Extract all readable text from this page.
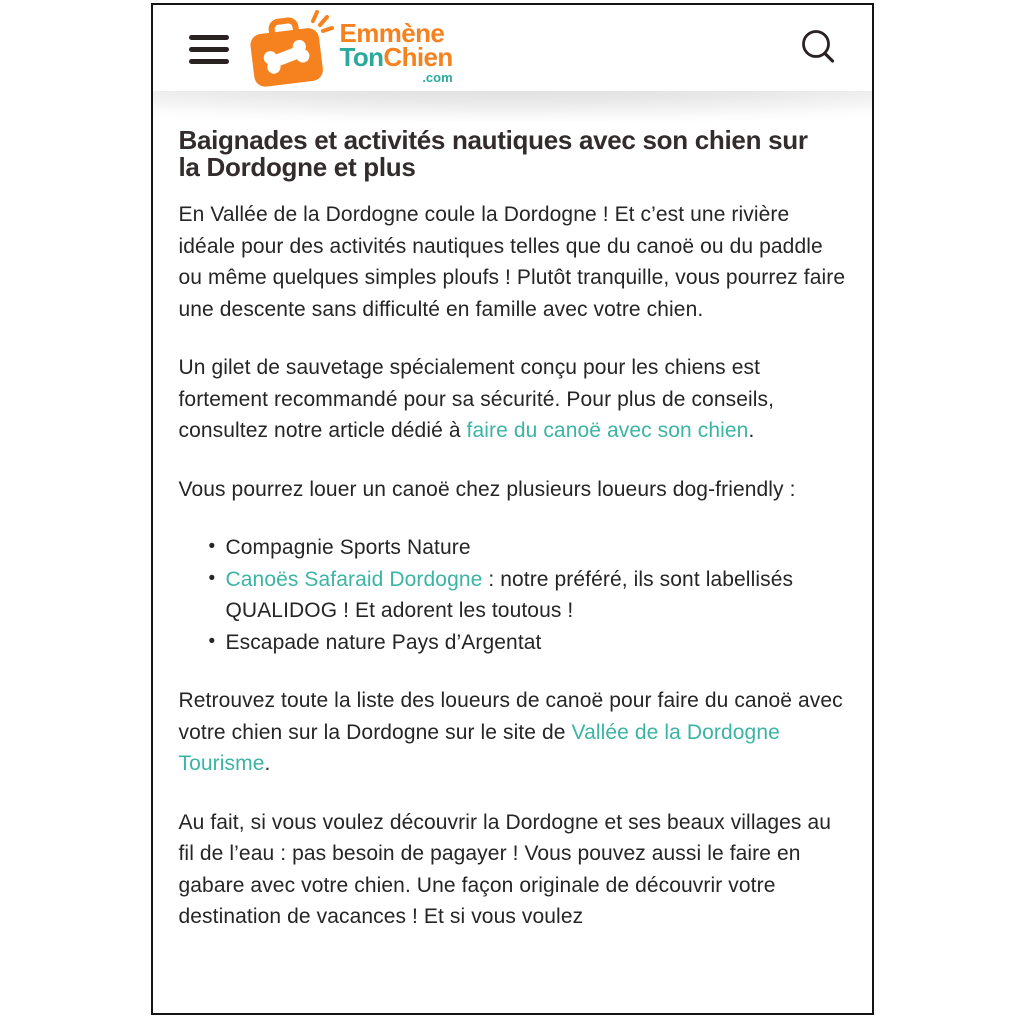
Emmène
TonChien
.com
Baignades et activités nautiques avec son chien sur la Dordogne et plus

En Vallée de la Dordogne coule la Dordogne ! Et c’est une rivière idéale pour des activités nautiques telles que du canoë ou du paddle ou même quelques simples ploufs ! Plutôt tranquille, vous pourrez faire une descente sans difficulté en famille avec votre chien.

Un gilet de sauvetage spécialement conçu pour les chiens est fortement recommandé pour sa sécurité. Pour plus de conseils, consultez notre article dédié à faire du canoë avec son chien.

Vous pourrez louer un canoë chez plusieurs loueurs dog-friendly :

• Compagnie Sports Nature
• Canoës Safaraid Dordogne : notre préféré, ils sont labellisés QUALIDOG ! Et adorent les toutous !
• Escapade nature Pays d’Argentat

Retrouvez toute la liste des loueurs de canoë pour faire du canoë avec votre chien sur la Dordogne sur le site de Vallée de la Dordogne Tourisme.

Au fait, si vous voulez découvrir la Dordogne et ses beaux villages au fil de l’eau : pas besoin de pagayer ! Vous pouvez aussi le faire en gabare avec votre chien. Une façon originale de découvrir votre destination de vacances ! Et si vous voulez
